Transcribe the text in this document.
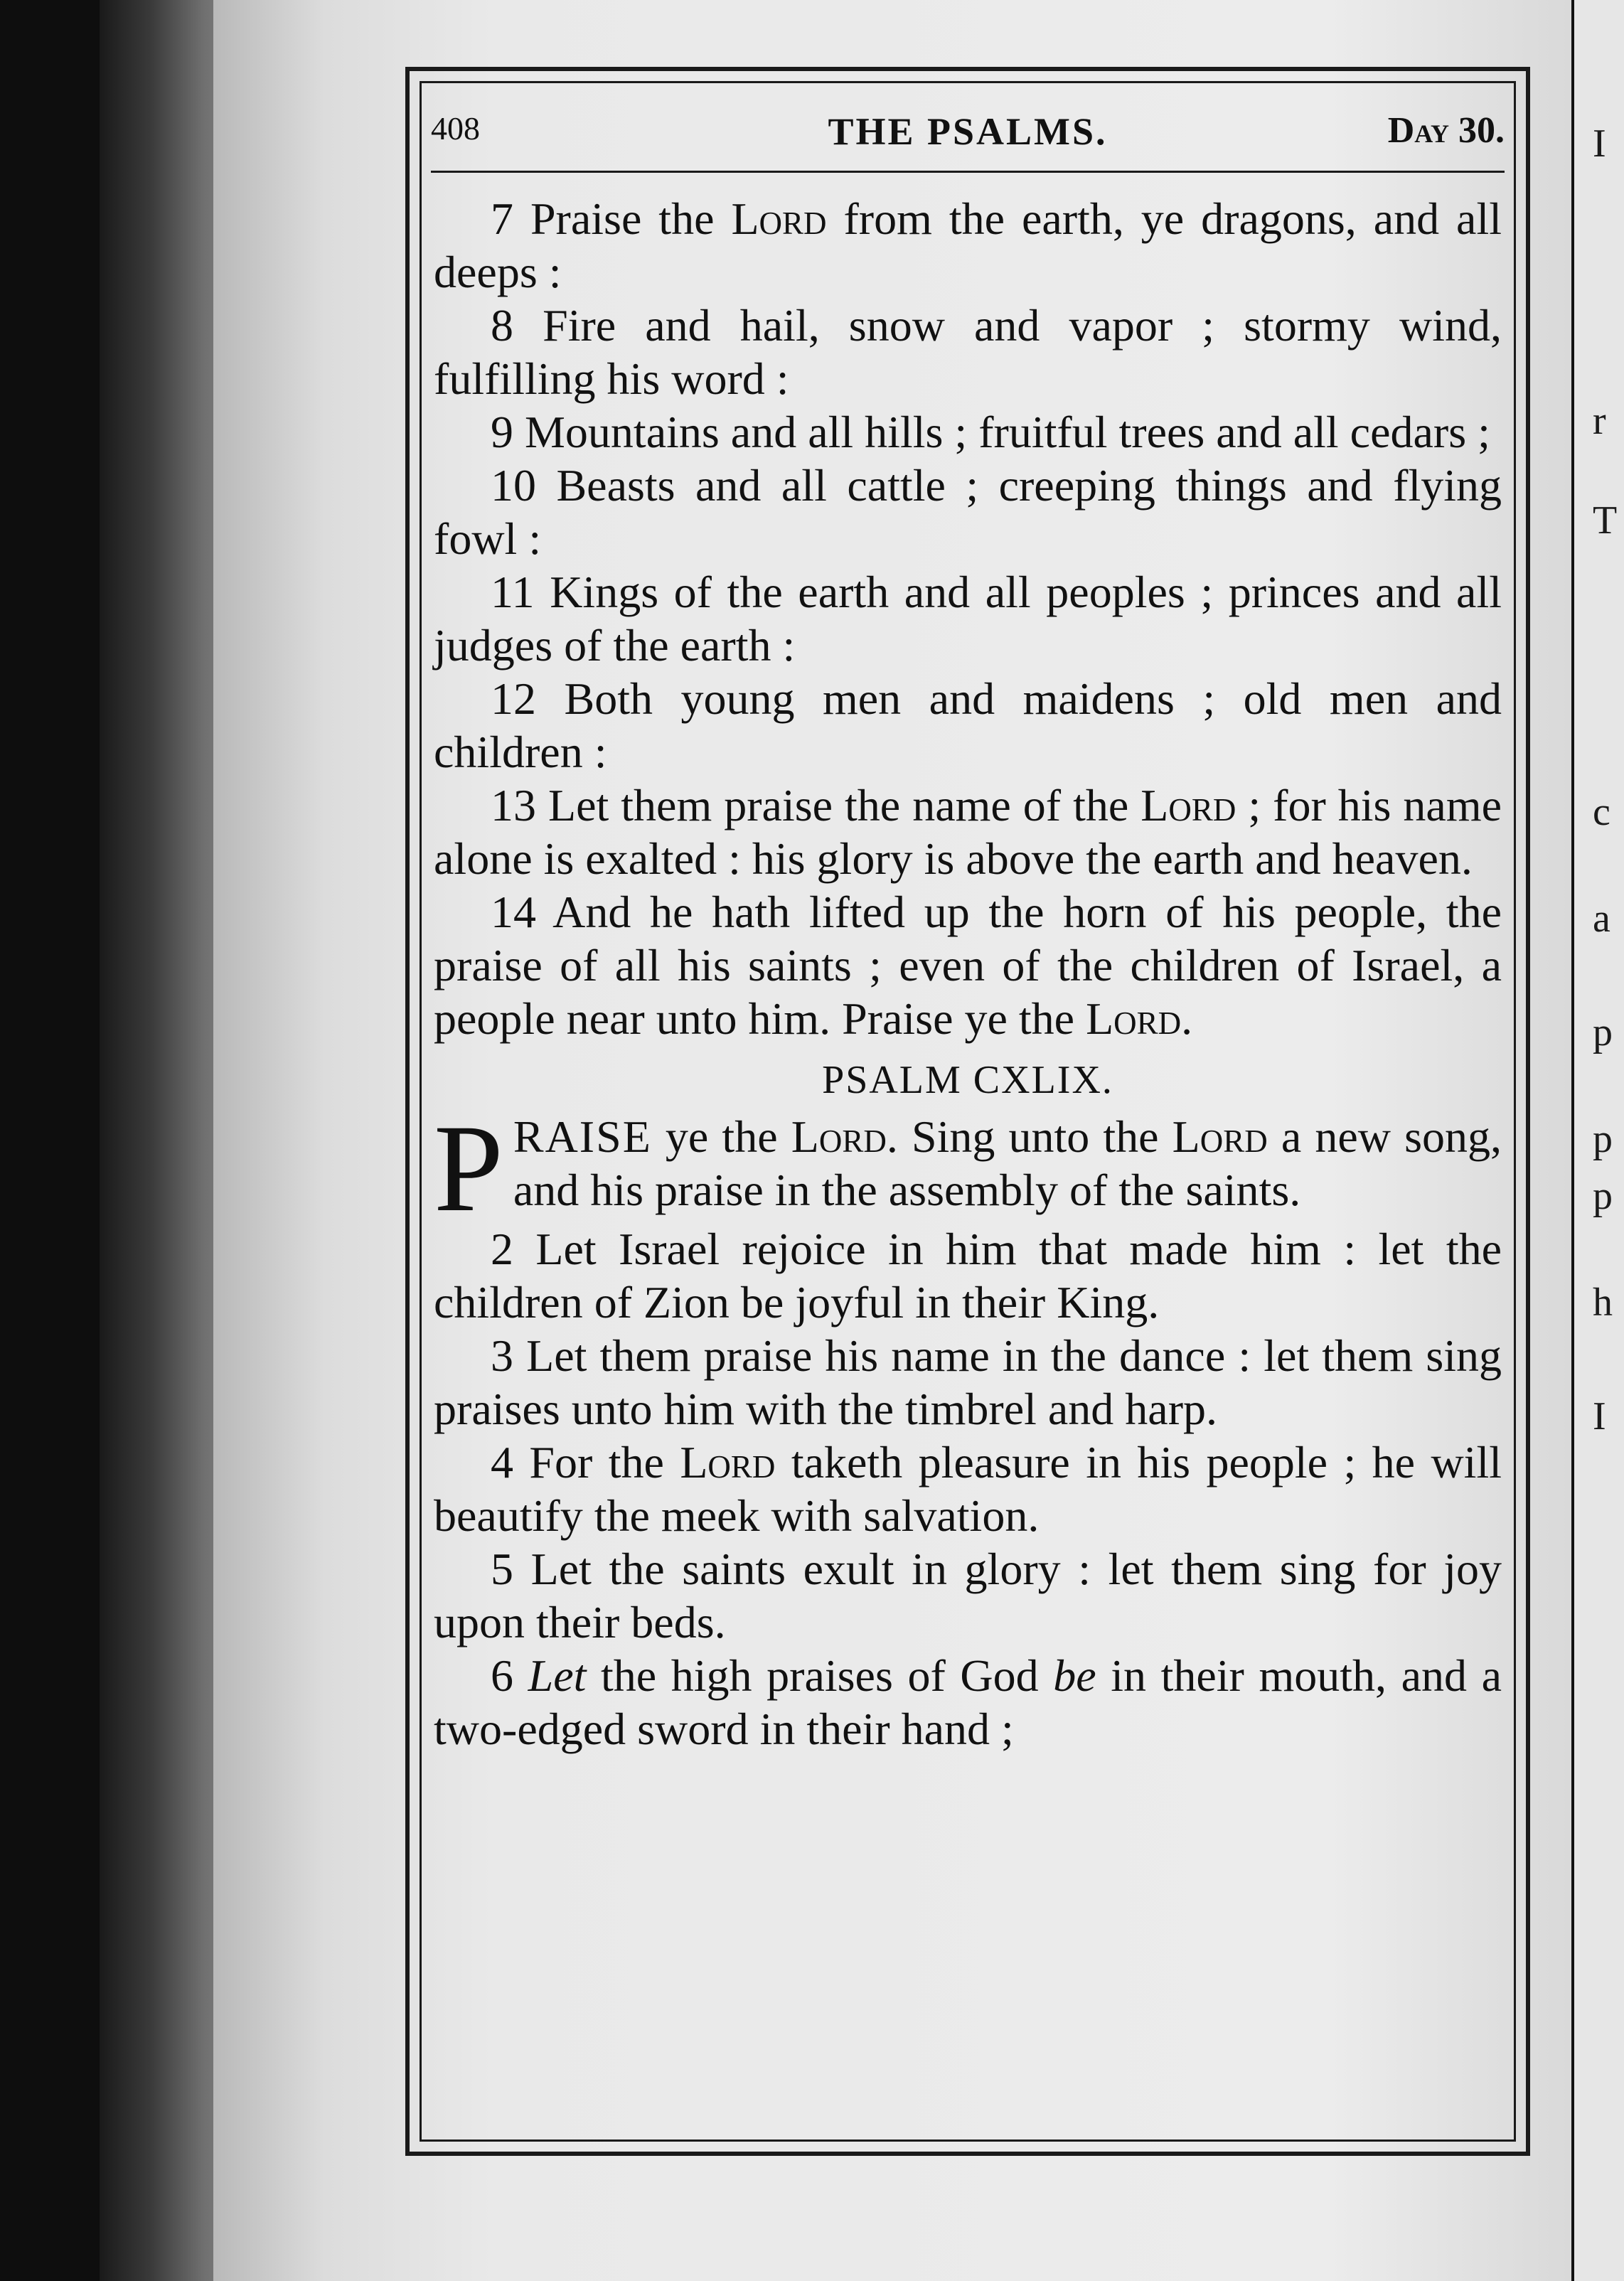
I
r
T
c
a
p
p
p
h
I
408	THE PSALMS.	Day 30.

7 Praise the Lord from the earth, ye dragons, and all deeps :

8 Fire and hail, snow and vapor ; stormy wind, fulfilling his word :

9 Mountains and all hills ; fruitful trees and all cedars ;

10 Beasts and all cattle ; creeping things and flying fowl :

11 Kings of the earth and all peoples ; princes and all judges of the earth :

12 Both young men and maidens ; old men and children :

13 Let them praise the name of the Lord ; for his name alone is exalted : his glory is above the earth and heaven.

14 And he hath lifted up the horn of his people, the praise of all his saints ; even of the children of Israel, a people near unto him. Praise ye the Lord.

PSALM CXLIX.

PRAISE ye the Lord. Sing unto the Lord a new song, and his praise in the assembly of the saints.

2 Let Israel rejoice in him that made him : let the children of Zion be joyful in their King.

3 Let them praise his name in the dance : let them sing praises unto him with the timbrel and harp.

4 For the Lord taketh pleasure in his people ; he will beautify the meek with salvation.

5 Let the saints exult in glory : let them sing for joy upon their beds.

6 Let the high praises of God be in their mouth, and a two-edged sword in their hand ;
